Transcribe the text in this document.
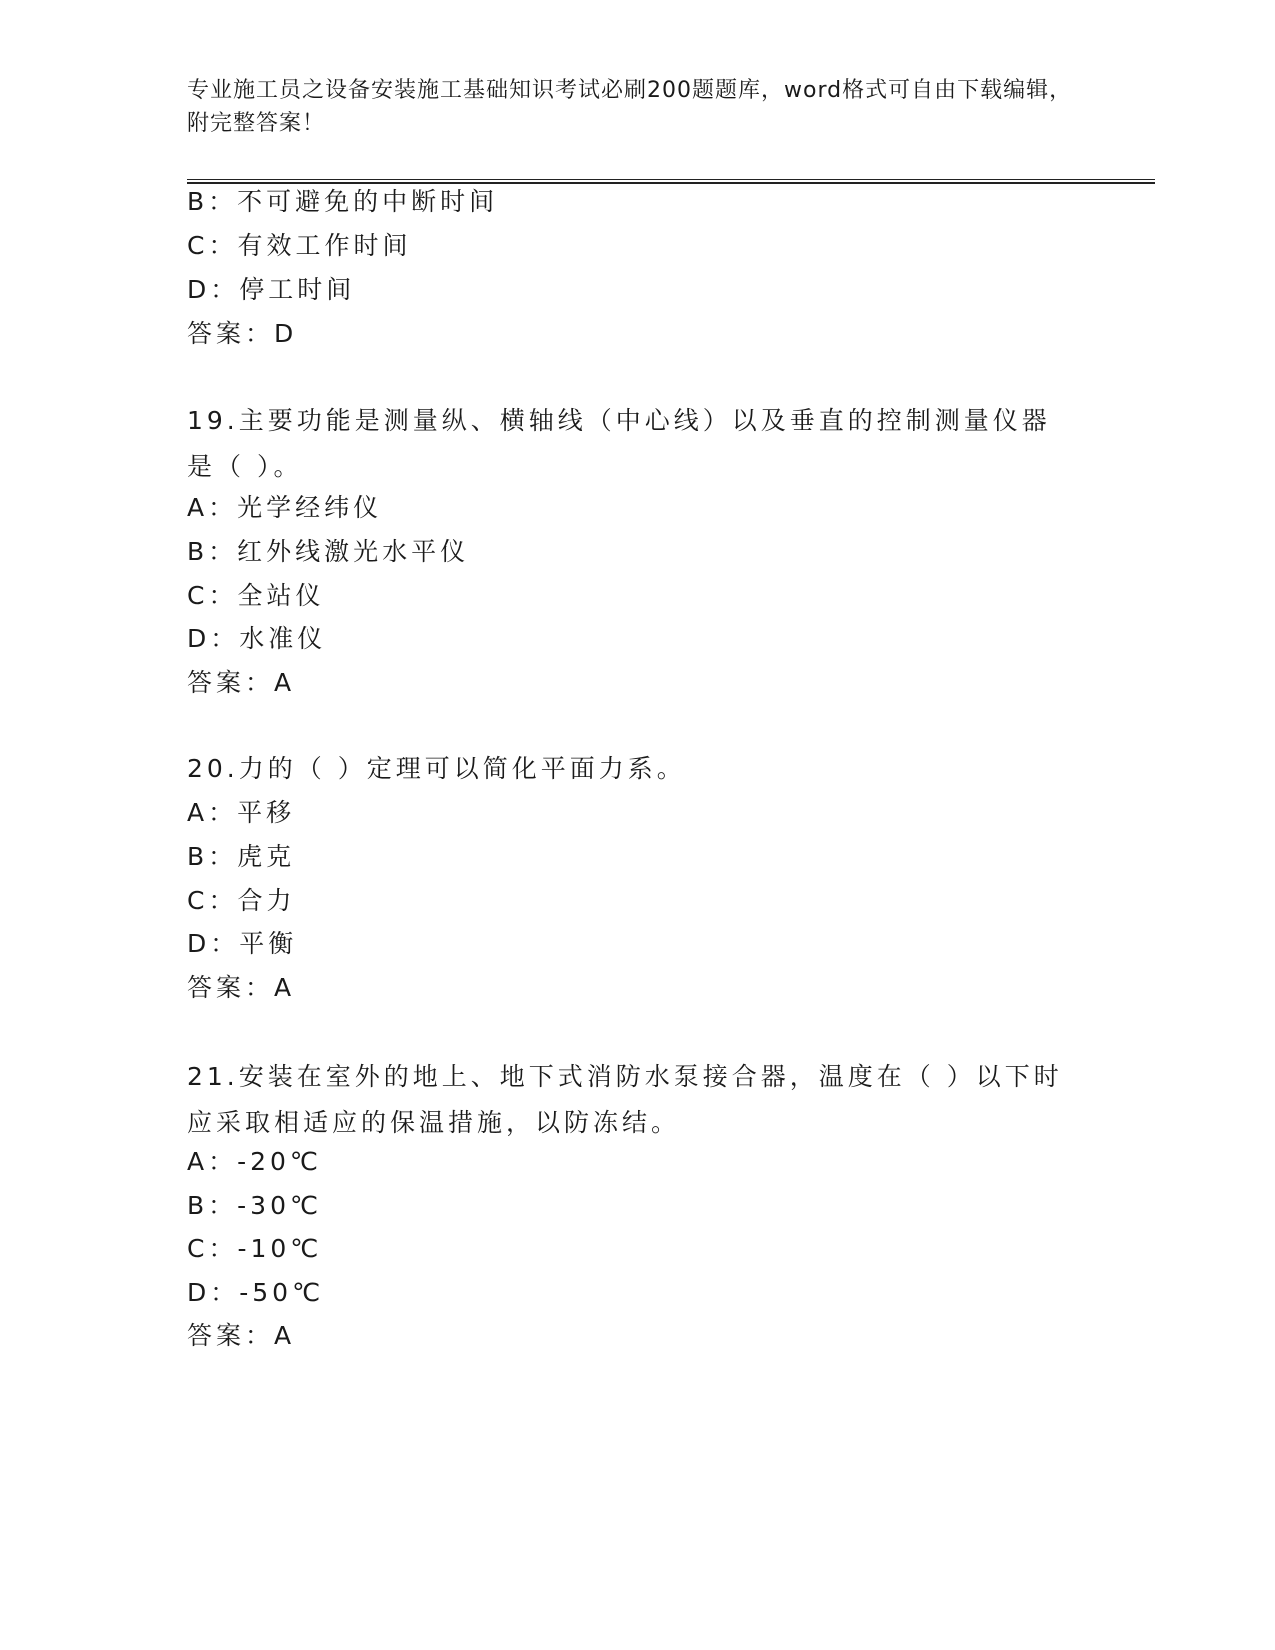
专业施工员之设备安装施工基础知识考试必刷200题题库，word格式可自由下载编辑，附完整答案！
B：不可避免的中断时间
C：有效工作时间
D：停工时间
答案：D
19.主要功能是测量纵、横轴线（中心线）以及垂直的控制测量仪器是（ ）。
A：光学经纬仪
B：红外线激光水平仪
C：全站仪
D：水准仪
答案：A
20.力的（ ）定理可以简化平面力系。
A：平移
B：虎克
C：合力
D：平衡
答案：A
21.安装在室外的地上、地下式消防水泵接合器，温度在（ ）以下时应采取相适应的保温措施，以防冻结。
A：-20℃
B：-30℃
C：-10℃
D：-50℃
答案：A
